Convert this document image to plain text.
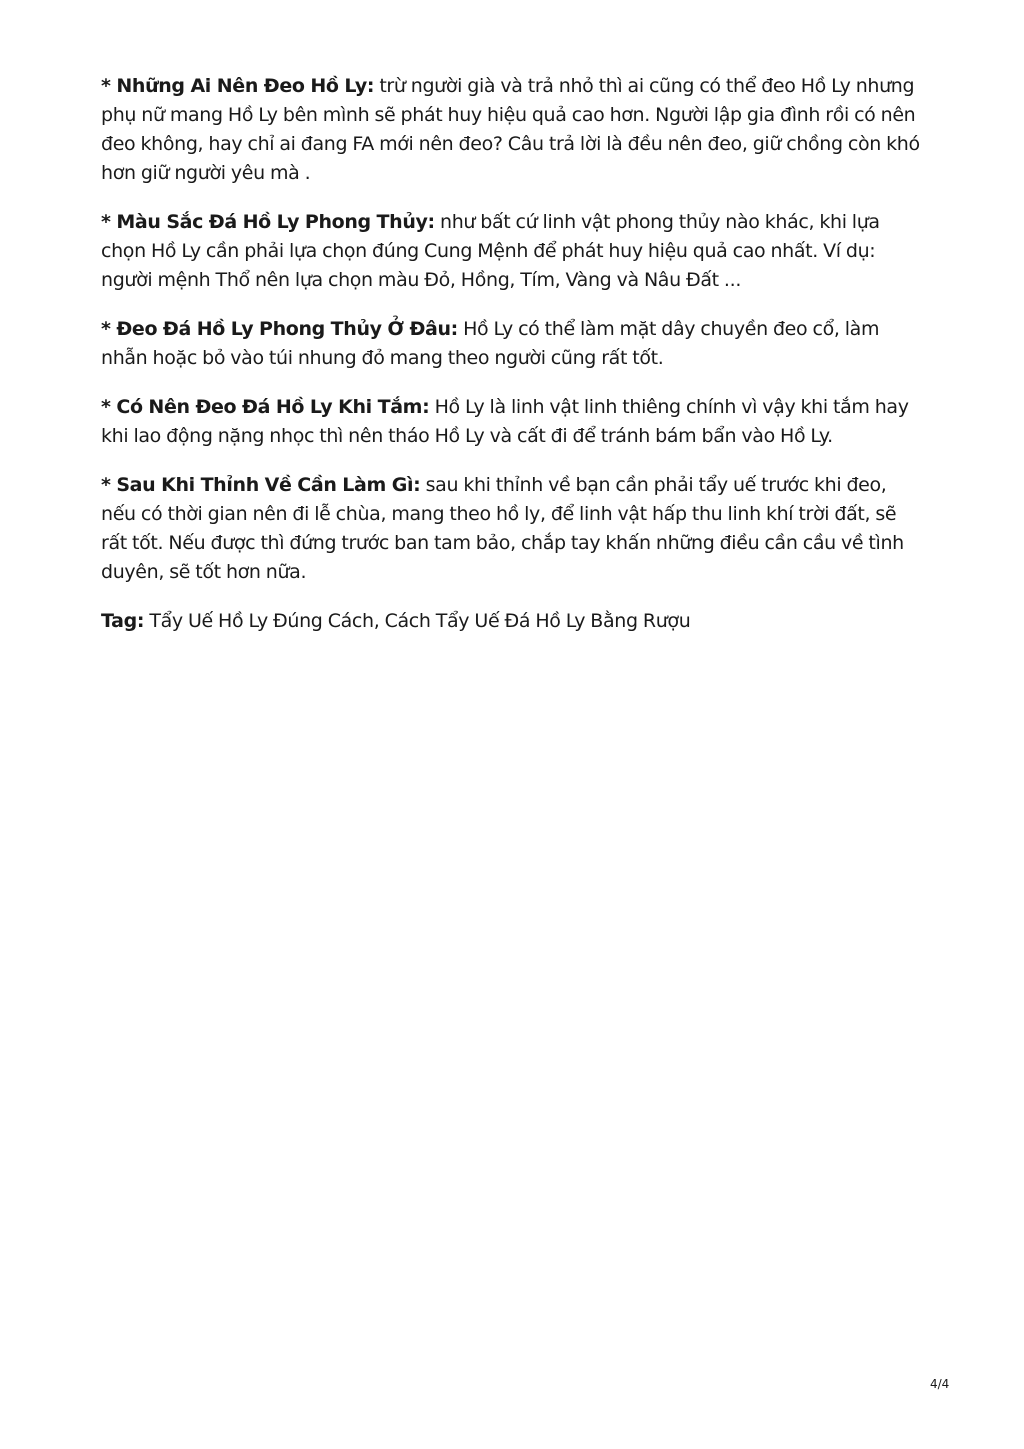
* Những Ai Nên Đeo Hồ Ly: trừ người già và trả nhỏ thì ai cũng có thể đeo Hồ Ly nhưng phụ nữ mang Hồ Ly bên mình sẽ phát huy hiệu quả cao hơn. Người lập gia đình rồi có nên đeo không, hay chỉ ai đang FA mới nên đeo? Câu trả lời là đều nên đeo, giữ chồng còn khó hơn giữ người yêu mà .

* Màu Sắc Đá Hồ Ly Phong Thủy: như bất cứ linh vật phong thủy nào khác, khi lựa chọn Hồ Ly cần phải lựa chọn đúng Cung Mệnh để phát huy hiệu quả cao nhất. Ví dụ: người mệnh Thổ nên lựa chọn màu Đỏ, Hồng, Tím, Vàng và Nâu Đất ...

* Đeo Đá Hồ Ly Phong Thủy Ở Đâu: Hồ Ly có thể làm mặt dây chuyền đeo cổ, làm nhẫn hoặc bỏ vào túi nhung đỏ mang theo người cũng rất tốt.

* Có Nên Đeo Đá Hồ Ly Khi Tắm: Hồ Ly là linh vật linh thiêng chính vì vậy khi tắm hay khi lao động nặng nhọc thì nên tháo Hồ Ly và cất đi để tránh bám bẩn vào Hồ Ly.

* Sau Khi Thỉnh Về Cần Làm Gì: sau khi thỉnh về bạn cần phải tẩy uế trước khi đeo, nếu có thời gian nên đi lễ chùa, mang theo hồ ly, để linh vật hấp thu linh khí trời đất, sẽ rất tốt. Nếu được thì đứng trước ban tam bảo, chắp tay khấn những điều cần cầu về tình duyên, sẽ tốt hơn nữa.

Tag: Tẩy Uế Hồ Ly Đúng Cách, Cách Tẩy Uế Đá Hồ Ly Bằng Rượu

4/4
